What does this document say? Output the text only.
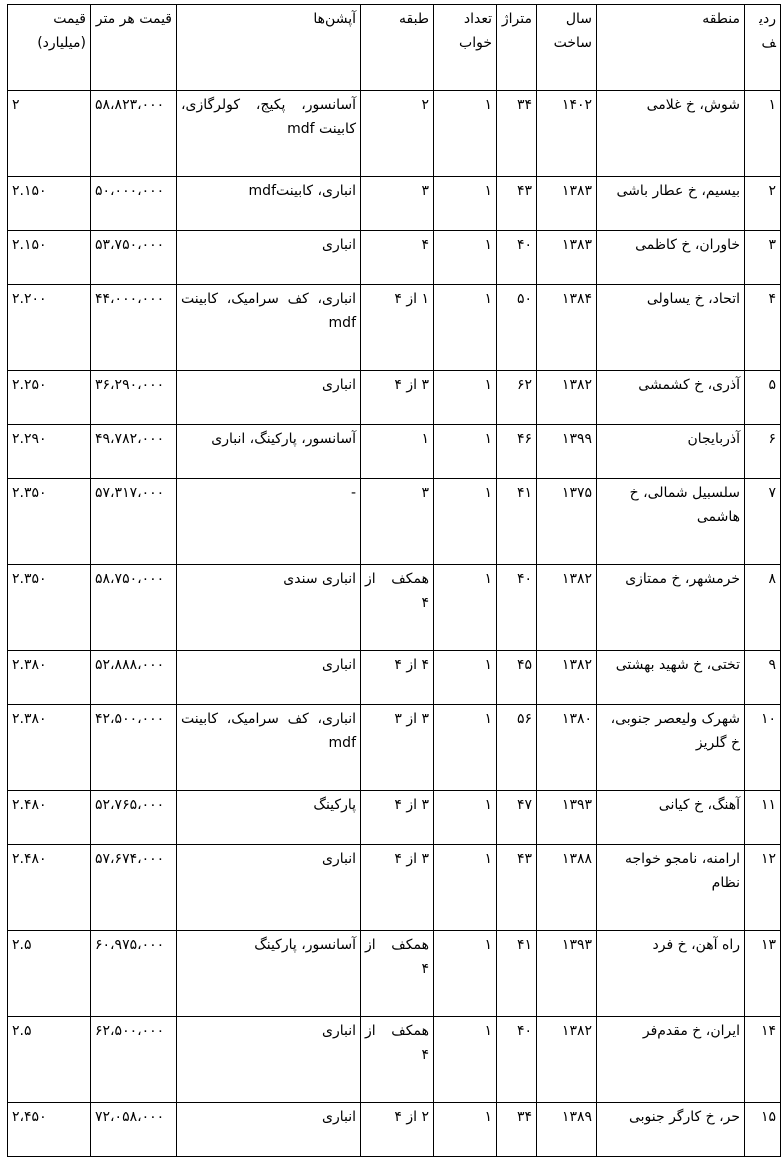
ردیف	منطقه	سال ساخت	متراژ	تعداد خواب	طبقه	آپشن‌ها	قیمت هر متر	قیمت (میلیارد)
۱	شوش، خ غلامی	۱۴۰۲	۳۴	۱	۲	آسانسور، پکیج، کولرگازی، کابینت mdf	۵۸،۸۲۳،۰۰۰	۲
۲	بیسیم، خ عطار باشی	۱۳۸۳	۴۳	۱	۳	انباری، کابینتmdf	۵۰،۰۰۰،۰۰۰	۲.۱۵۰
۳	خاوران، خ کاظمی	۱۳۸۳	۴۰	۱	۴	انباری	۵۳،۷۵۰،۰۰۰	۲.۱۵۰
۴	اتحاد، خ یساولی	۱۳۸۴	۵۰	۱	۱ از ۴	انباری، کف سرامیک، کابینت mdf	۴۴،۰۰۰،۰۰۰	۲.۲۰۰
۵	آذری، خ کشمشی	۱۳۸۲	۶۲	۱	۳ از ۴	انباری	۳۶،۲۹۰،۰۰۰	۲.۲۵۰
۶	آذربایجان	۱۳۹۹	۴۶	۱	۱	آسانسور، پارکینگ، انباری	۴۹،۷۸۲،۰۰۰	۲.۲۹۰
۷	سلسبیل شمالی، خ هاشمی	۱۳۷۵	۴۱	۱	۳	-	۵۷،۳۱۷،۰۰۰	۲.۳۵۰
۸	خرمشهر، خ ممتازی	۱۳۸۲	۴۰	۱	همکف از ۴	انباری سندی	۵۸،۷۵۰،۰۰۰	۲.۳۵۰
۹	تختی، خ شهید بهشتی	۱۳۸۲	۴۵	۱	۴ از ۴	انباری	۵۲،۸۸۸،۰۰۰	۲.۳۸۰
۱۰	شهرک ولیعصر جنوبی، خ گلریز	۱۳۸۰	۵۶	۱	۳ از ۳	انباری، کف سرامیک، کابینت mdf	۴۲،۵۰۰،۰۰۰	۲.۳۸۰
۱۱	آهنگ، خ کیانی	۱۳۹۳	۴۷	۱	۳ از ۴	پارکینگ	۵۲،۷۶۵،۰۰۰	۲.۴۸۰
۱۲	ارامنه، نامجو خواجه نظام	۱۳۸۸	۴۳	۱	۳ از ۴	انباری	۵۷،۶۷۴،۰۰۰	۲.۴۸۰
۱۳	راه آهن، خ فرد	۱۳۹۳	۴۱	۱	همکف از ۴	آسانسور، پارکینگ	۶۰،۹۷۵،۰۰۰	۲.۵
۱۴	ایران، خ مقدم‌فر	۱۳۸۲	۴۰	۱	همکف از ۴	انباری	۶۲،۵۰۰،۰۰۰	۲.۵
۱۵	حر، خ کارگر جنوبی	۱۳۸۹	۳۴	۱	۲ از ۴	انباری	۷۲،۰۵۸،۰۰۰	۲،۴۵۰
